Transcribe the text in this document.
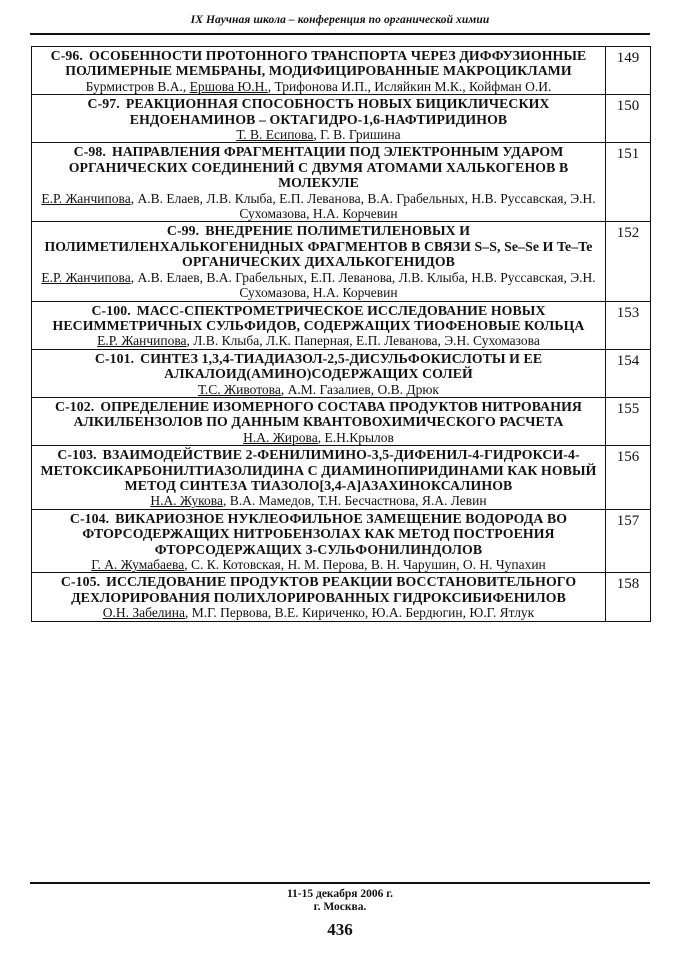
IX Научная школа – конференция по органической химии
С-96. ОСОБЕННОСТИ ПРОТОННОГО ТРАНСПОРТА ЧЕРЕЗ ДИФФУЗИОННЫЕ ПОЛИМЕРНЫЕ МЕМБРАНЫ, МОДИФИЦИРОВАННЫЕ МАКРОЦИКЛАМИ
Бурмистров В.А., Ершова Ю.Н., Трифонова И.П., Исляйкин М.К., Койфман О.И.	149

С-97. РЕАКЦИОННАЯ СПОСОБНОСТЬ НОВЫХ БИЦИКЛИЧЕСКИХ ЕНДОЕНАМИНОВ – ОКТАГИДРО-1,6-НАФТИРИДИНОВ
Т. В. Есипова, Г. В. Гришина	150

С-98. НАПРАВЛЕНИЯ ФРАГМЕНТАЦИИ ПОД ЭЛЕКТРОННЫМ УДАРОМ ОРГАНИЧЕСКИХ СОЕДИНЕНИЙ С ДВУМЯ АТОМАМИ ХАЛЬКОГЕНОВ В МОЛЕКУЛЕ
Е.Р. Жанчипова, А.В. Елаев, Л.В. Клыба, Е.П. Леванова, В.А. Грабельных, Н.В. Руссавская, Э.Н. Сухомазова, Н.А. Корчевин	151

С-99. ВНЕДРЕНИЕ ПОЛИМЕТИЛЕНОВЫХ И ПОЛИМЕТИЛЕНХАЛЬКОГЕНИДНЫХ ФРАГМЕНТОВ В СВЯЗИ S–S, Se–Se И Te–Te ОРГАНИЧЕСКИХ ДИХАЛЬКОГЕНИДОВ
Е.Р. Жанчипова, А.В. Елаев, В.А. Грабельных, Е.П. Леванова, Л.В. Клыба, Н.В. Руссавская, Э.Н. Сухомазова, Н.А. Корчевин	152

С-100. МАСС-СПЕКТРОМЕТРИЧЕСКОЕ ИССЛЕДОВАНИЕ НОВЫХ НЕСИММЕТРИЧНЫХ СУЛЬФИДОВ, СОДЕРЖАЩИХ ТИОФЕНОВЫЕ КОЛЬЦА
Е.Р. Жанчипова, Л.В. Клыба, Л.К. Паперная, Е.П. Леванова, Э.Н. Сухомазова	153

С-101. СИНТЕЗ 1,3,4-ТИАДИАЗОЛ-2,5-ДИСУЛЬФОКИСЛОТЫ И ЕЕ АЛКАЛОИД(АМИНО)СОДЕРЖАЩИХ СОЛЕЙ
Т.С. Животова, А.М. Газалиев, О.В. Дрюк	154

С-102. ОПРЕДЕЛЕНИЕ ИЗОМЕРНОГО СОСТАВА ПРОДУКТОВ НИТРОВАНИЯ АЛКИЛБЕНЗОЛОВ ПО ДАННЫМ КВАНТОВОХИМИЧЕСКОГО РАСЧЕТА
Н.А. Жирова, Е.Н.Крылов	155

С-103. ВЗАИМОДЕЙСТВИЕ 2-ФЕНИЛИМИНО-3,5-ДИФЕНИЛ-4-ГИДРОКСИ-4-МЕТОКСИКАРБОНИЛТИАЗОЛИДИНА С ДИАМИНОПИРИДИНАМИ КАК НОВЫЙ МЕТОД СИНТЕЗА ТИАЗОЛО[3,4-А]АЗАХИНОКСАЛИНОВ
Н.А. Жукова, В.А. Мамедов, Т.Н. Бесчастнова, Я.А. Левин	156

С-104. ВИКАРИОЗНОЕ НУКЛЕОФИЛЬНОЕ ЗАМЕЩЕНИЕ ВОДОРОДА ВО ФТОРСОДЕРЖАЩИХ НИТРОБЕНЗОЛАХ КАК МЕТОД ПОСТРОЕНИЯ ФТОРСОДЕРЖАЩИХ 3-СУЛЬФОНИЛИНДОЛОВ
Г. А. Жумабаева, С. К. Котовская, Н. М. Перова, В. Н. Чарушин, О. Н. Чупахин	157

С-105. ИССЛЕДОВАНИЕ ПРОДУКТОВ РЕАКЦИИ ВОССТАНОВИТЕЛЬНОГО ДЕХЛОРИРОВАНИЯ ПОЛИХЛОРИРОВАННЫХ ГИДРОКСИБИФЕНИЛОВ
О.Н. Забелина, М.Г. Первова, В.Е. Кириченко, Ю.А. Бердюгин, Ю.Г. Ятлук	158
11-15 декабря 2006 г.
г. Москва.
436
